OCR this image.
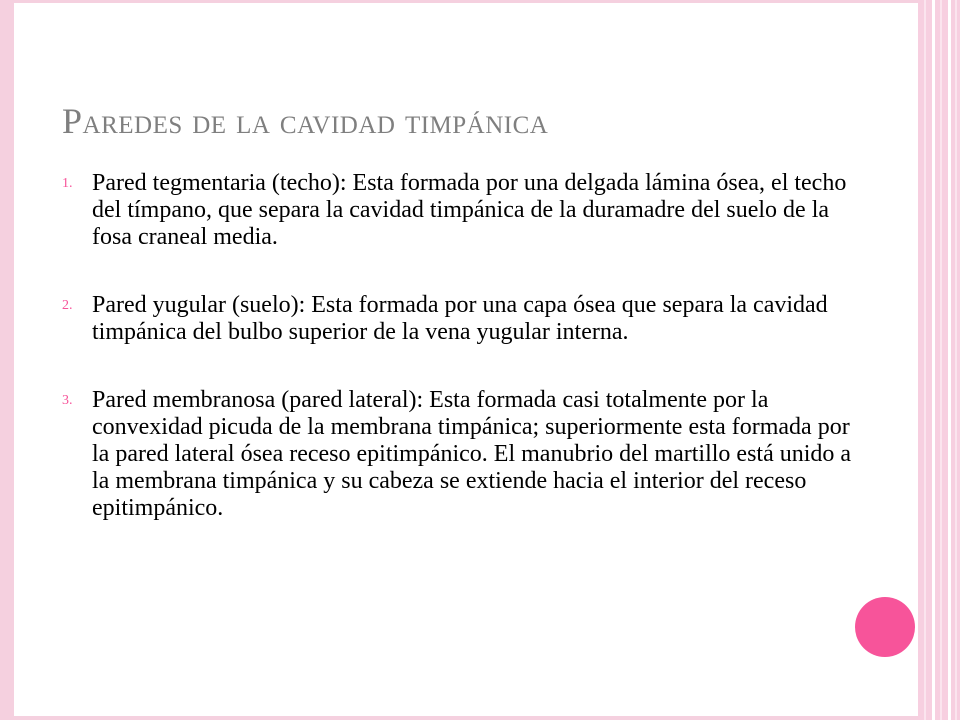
Paredes de la cavidad timpánica
1. Pared tegmentaria (techo): Esta formada por una delgada lámina ósea, el techo del tímpano, que separa la cavidad timpánica de la duramadre del suelo de la fosa craneal media.
2. Pared yugular (suelo): Esta formada por una capa ósea que separa la cavidad timpánica del bulbo superior de la vena yugular interna.
3. Pared membranosa (pared lateral): Esta formada casi totalmente por la convexidad picuda de la membrana timpánica; superiormente esta formada por la pared lateral ósea receso epitimpánico. El manubrio del martillo está unido a la membrana timpánica y su cabeza se extiende hacia el interior del receso epitimpánico.
